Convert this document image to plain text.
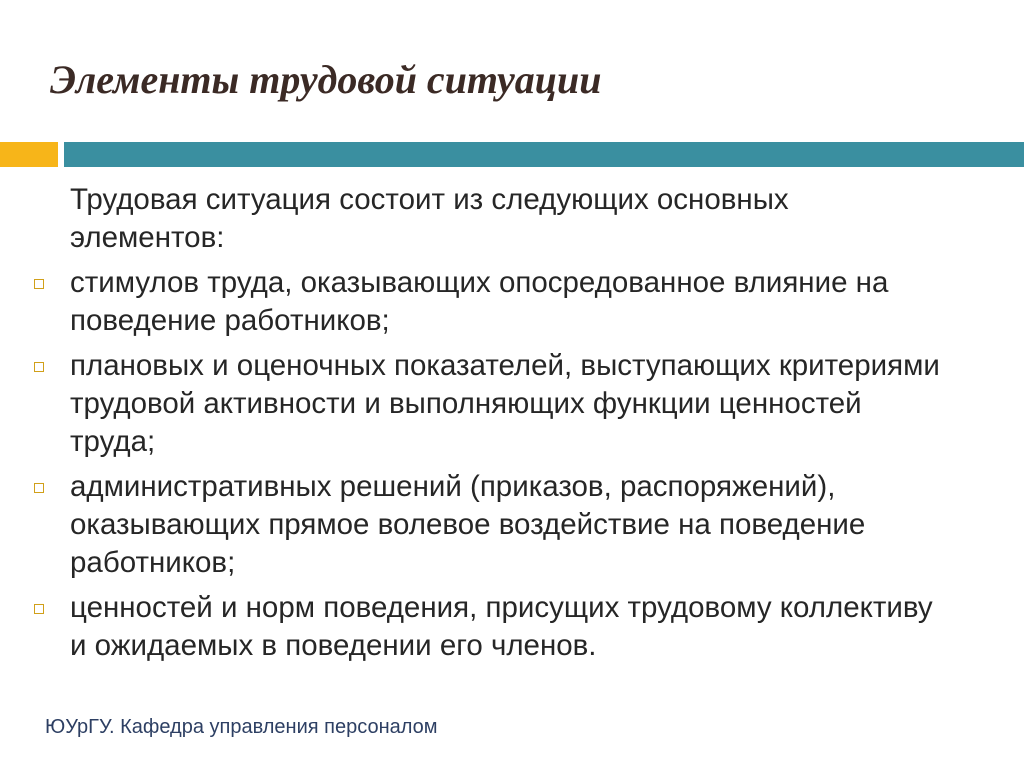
Элементы трудовой ситуации

Трудовая ситуация состоит из следующих основных элементов:

стимулов труда, оказывающих опосредованное влияние на поведение работников;
плановых и оценочных показателей, выступающих критериями трудовой активности и выполняющих функции ценностей труда;
административных решений (приказов, распоряжений), оказывающих прямое волевое воздействие на поведение работников;
ценностей и норм поведения, присущих трудовому коллективу и ожидаемых в поведении его членов.
ЮУрГУ. Кафедра управления персоналом
